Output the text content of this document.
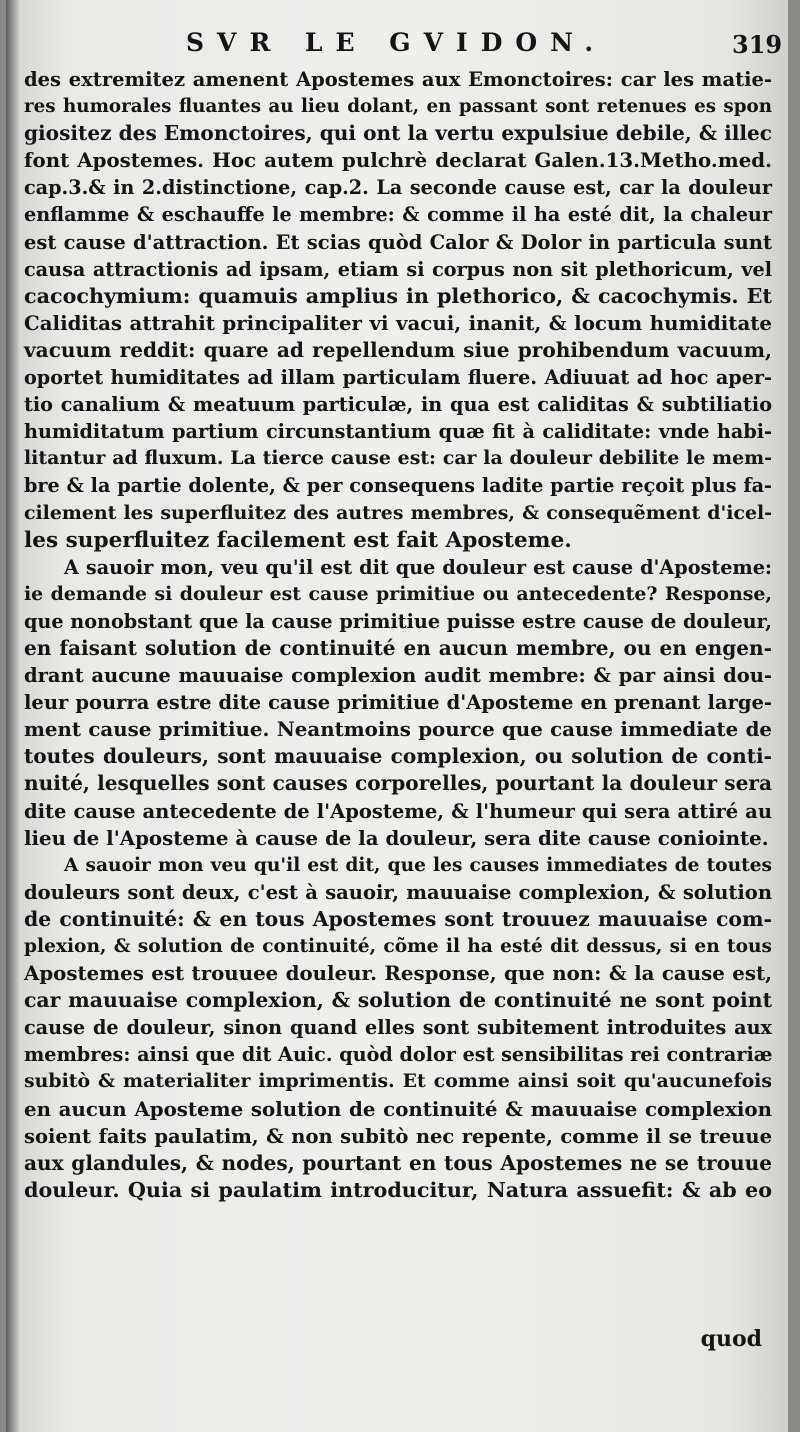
SVR LE GVIDON.	319
des extremitez amenent Apostemes aux Emonctoires: car les matie-
res humorales fluantes au lieu dolant, en passant sont retenues es spon
giositez des Emonctoires, qui ont la vertu expulsiue debile, & illec
font Apostemes. Hoc autem pulchrè declarat Galen.13.Metho.med.
cap.3.& in 2.distinctione, cap.2. La seconde cause est, car la douleur
enflamme & eschauffe le membre: & comme il ha esté dit, la chaleur
est cause d'attraction. Et scias quòd Calor & Dolor in particula sunt
causa attractionis ad ipsam, etiam si corpus non sit plethoricum, vel
cacochymium: quamuis amplius in plethorico, & cacochymis. Et
Caliditas attrahit principaliter vi vacui, inanit, & locum humiditate
vacuum reddit: quare ad repellendum siue prohibendum vacuum,
oportet humiditates ad illam particulam fluere. Adiuuat ad hoc aper-
tio canalium & meatuum particulæ, in qua est caliditas & subtiliatio
humiditatum partium circunstantium quæ fit à caliditate: vnde habi-
litantur ad fluxum. La tierce cause est: car la douleur debilite le mem-
bre & la partie dolente, & per consequens ladite partie reçoit plus fa-
cilement les superfluitez des autres membres, & consequẽment d'icel-
les superfluitez facilement est fait Aposteme.
A sauoir mon, veu qu'il est dit que douleur est cause d'Aposteme:
ie demande si douleur est cause primitiue ou antecedente? Response,
que nonobstant que la cause primitiue puisse estre cause de douleur,
en faisant solution de continuité en aucun membre, ou en engen-
drant aucune mauuaise complexion audit membre: & par ainsi dou-
leur pourra estre dite cause primitiue d'Aposteme en prenant large-
ment cause primitiue. Neantmoins pource que cause immediate de
toutes douleurs, sont mauuaise complexion, ou solution de conti-
nuité, lesquelles sont causes corporelles, pourtant la douleur sera
dite cause antecedente de l'Aposteme, & l'humeur qui sera attiré au
lieu de l'Aposteme à cause de la douleur, sera dite cause coniointe.
A sauoir mon veu qu'il est dit, que les causes immediates de toutes
douleurs sont deux, c'est à sauoir, mauuaise complexion, & solution
de continuité: & en tous Apostemes sont trouuez mauuaise com-
plexion, & solution de continuité, cõme il ha esté dit dessus, si en tous
Apostemes est trouuee douleur. Response, que non: & la cause est,
car mauuaise complexion, & solution de continuité ne sont point
cause de douleur, sinon quand elles sont subitement introduites aux
membres: ainsi que dit Auic. quòd dolor est sensibilitas rei contrariæ
subitò & materialiter imprimentis. Et comme ainsi soit qu'aucunefois
en aucun Aposteme solution de continuité & mauuaise complexion
soient faits paulatim, & non subitò nec repente, comme il se treuue
aux glandules, & nodes, pourtant en tous Apostemes ne se trouue
douleur. Quia si paulatim introducitur, Natura assuefit: & ab eo
quod
